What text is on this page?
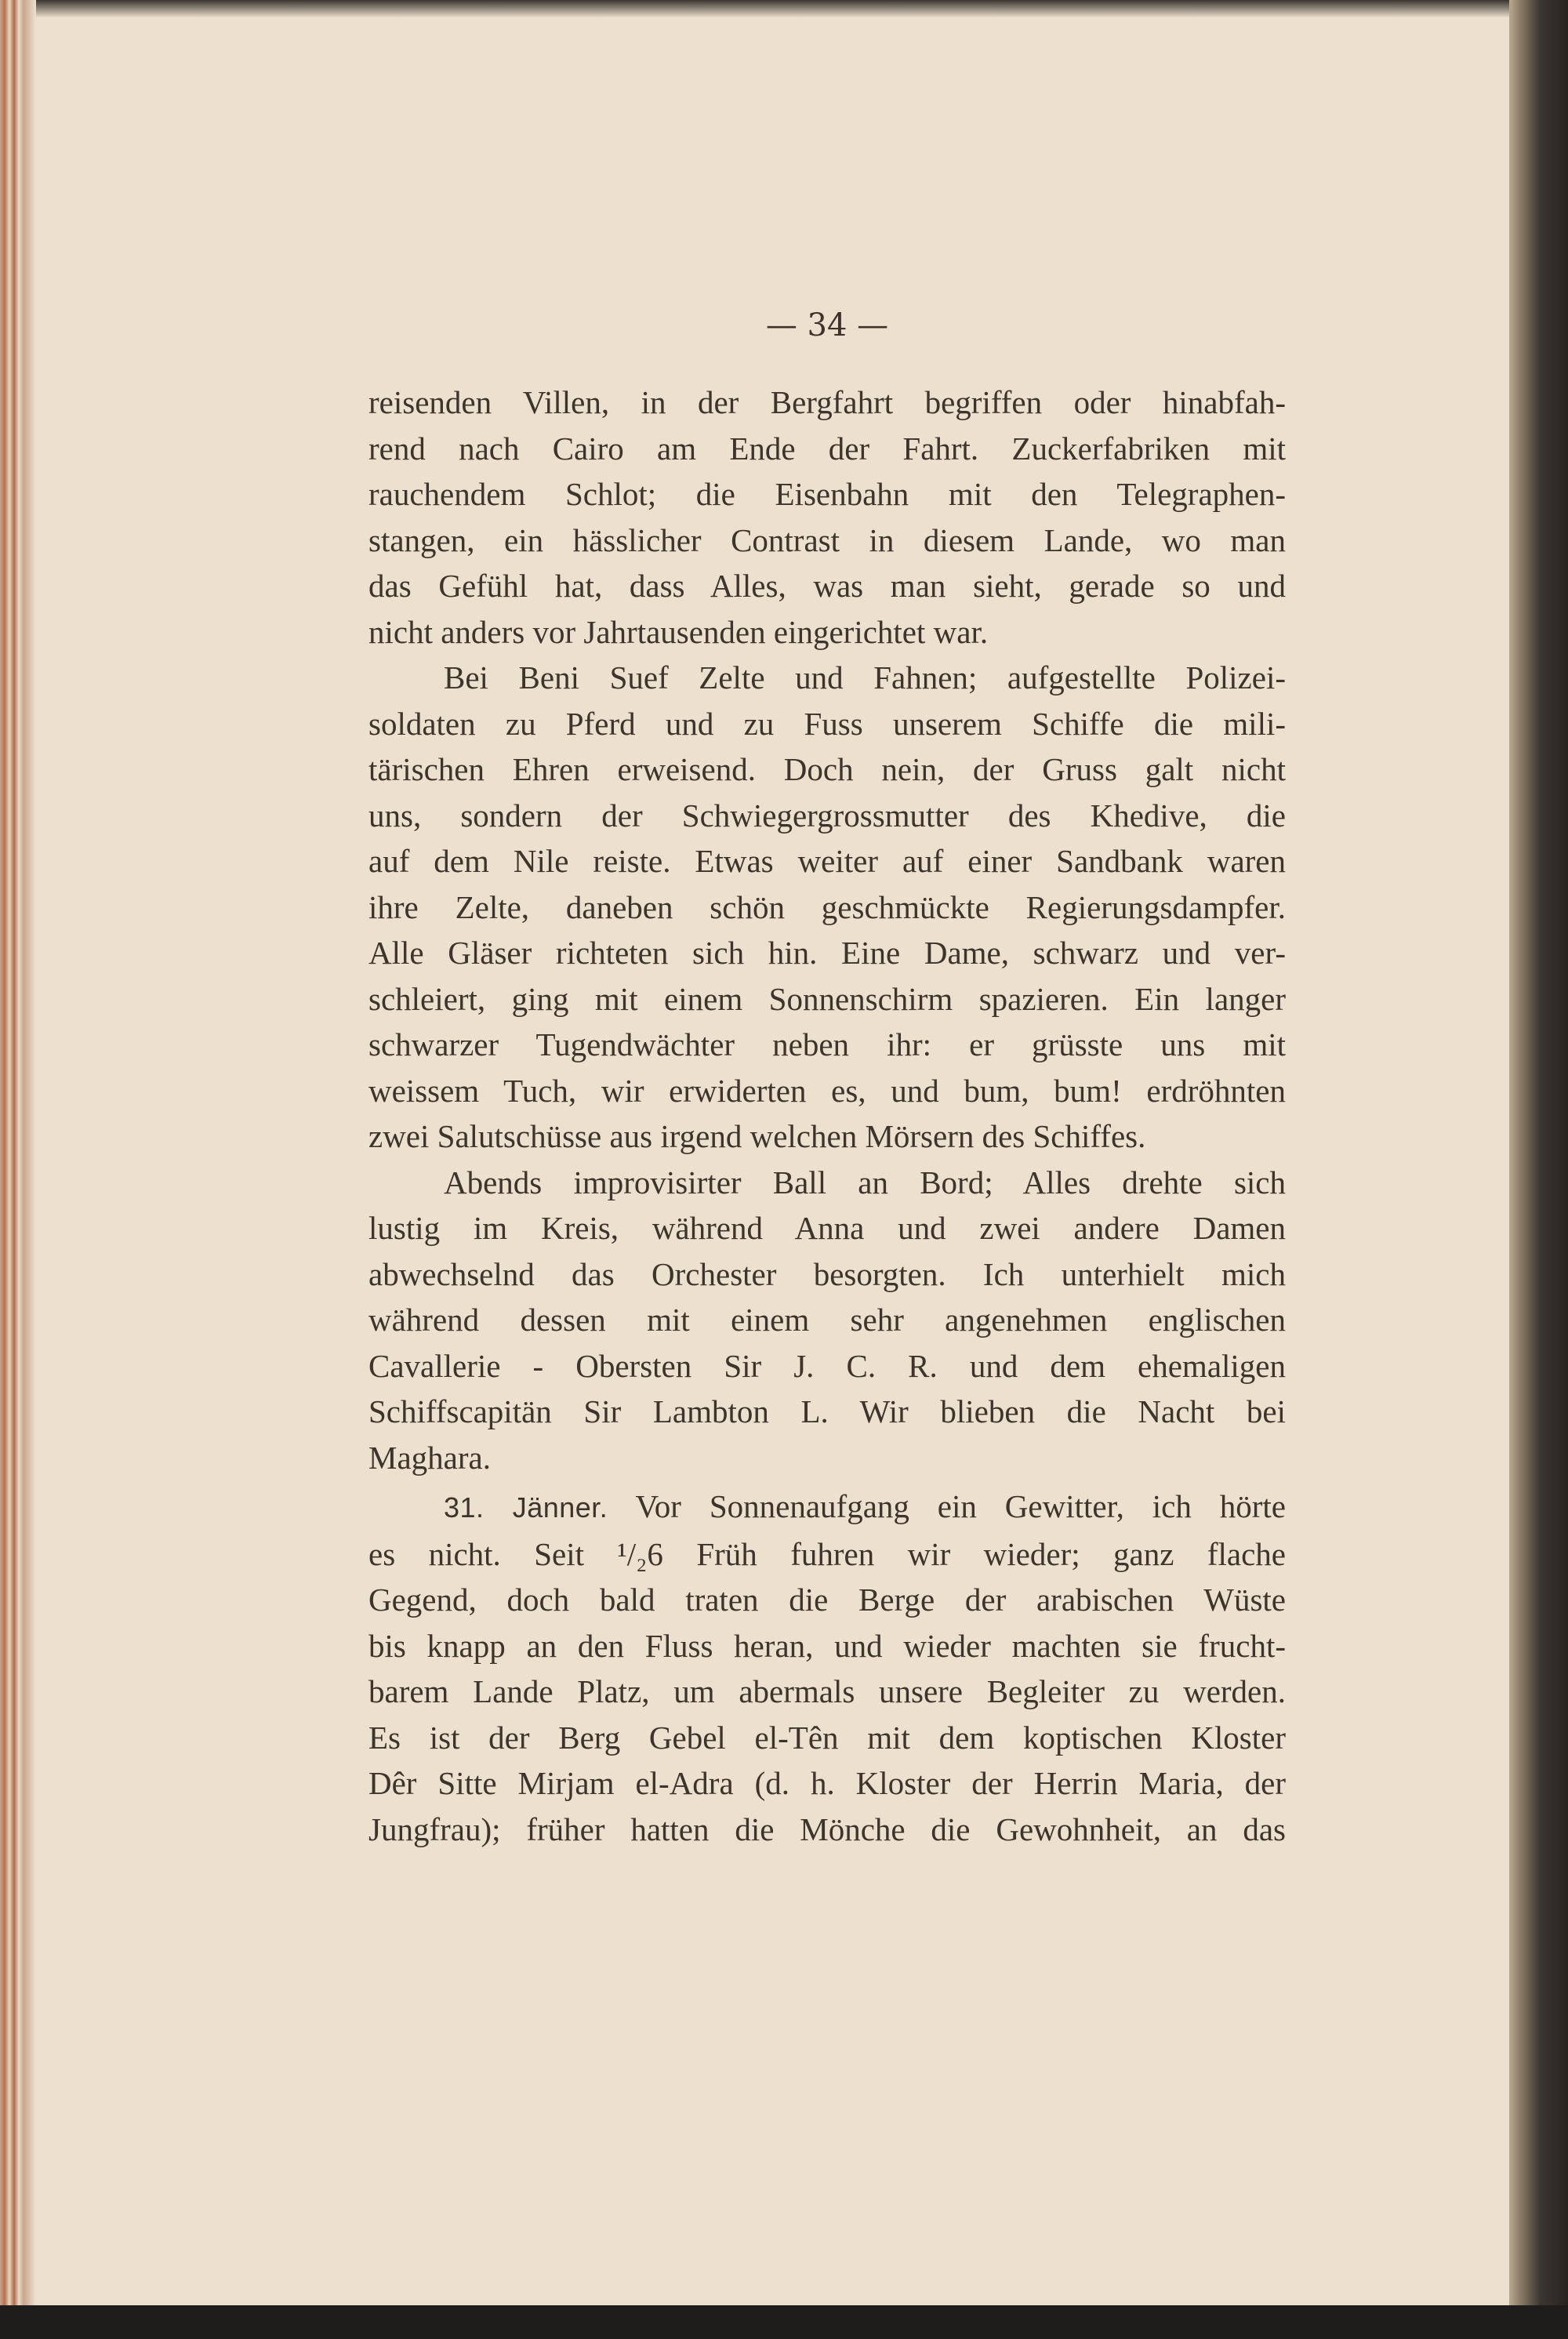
— 34 —
reisenden Villen, in der Bergfahrt begriffen oder hinabfah-
rend nach Cairo am Ende der Fahrt. Zuckerfabriken mit
rauchendem Schlot; die Eisenbahn mit den Telegraphen-
stangen, ein hässlicher Contrast in diesem Lande, wo man
das Gefühl hat, dass Alles, was man sieht, gerade so und
nicht anders vor Jahrtausenden eingerichtet war.
Bei Beni Suef Zelte und Fahnen; aufgestellte Polizei-
soldaten zu Pferd und zu Fuss unserem Schiffe die mili-
tärischen Ehren erweisend. Doch nein, der Gruss galt nicht
uns, sondern der Schwiegergrossmutter des Khedive, die
auf dem Nile reiste. Etwas weiter auf einer Sandbank waren
ihre Zelte, daneben schön geschmückte Regierungsdampfer.
Alle Gläser richteten sich hin. Eine Dame, schwarz und ver-
schleiert, ging mit einem Sonnenschirm spazieren. Ein langer
schwarzer Tugendwächter neben ihr: er grüsste uns mit
weissem Tuch, wir erwiderten es, und bum, bum! erdröhnten
zwei Salutschüsse aus irgend welchen Mörsern des Schiffes.
Abends improvisirter Ball an Bord; Alles drehte sich
lustig im Kreis, während Anna und zwei andere Damen
abwechselnd das Orchester besorgten. Ich unterhielt mich
während dessen mit einem sehr angenehmen englischen
Cavallerie - Obersten Sir J. C. R. und dem ehemaligen
Schiffscapitän Sir Lambton L. Wir blieben die Nacht bei
Maghara.
31. Jänner. Vor Sonnenaufgang ein Gewitter, ich hörte
es nicht. Seit ¹/₂6 Früh fuhren wir wieder; ganz flache
Gegend, doch bald traten die Berge der arabischen Wüste
bis knapp an den Fluss heran, und wieder machten sie frucht-
barem Lande Platz, um abermals unsere Begleiter zu werden.
Es ist der Berg Gebel el-Tên mit dem koptischen Kloster
Dêr Sitte Mirjam el-Adra (d. h. Kloster der Herrin Maria, der
Jungfrau); früher hatten die Mönche die Gewohnheit, an das
